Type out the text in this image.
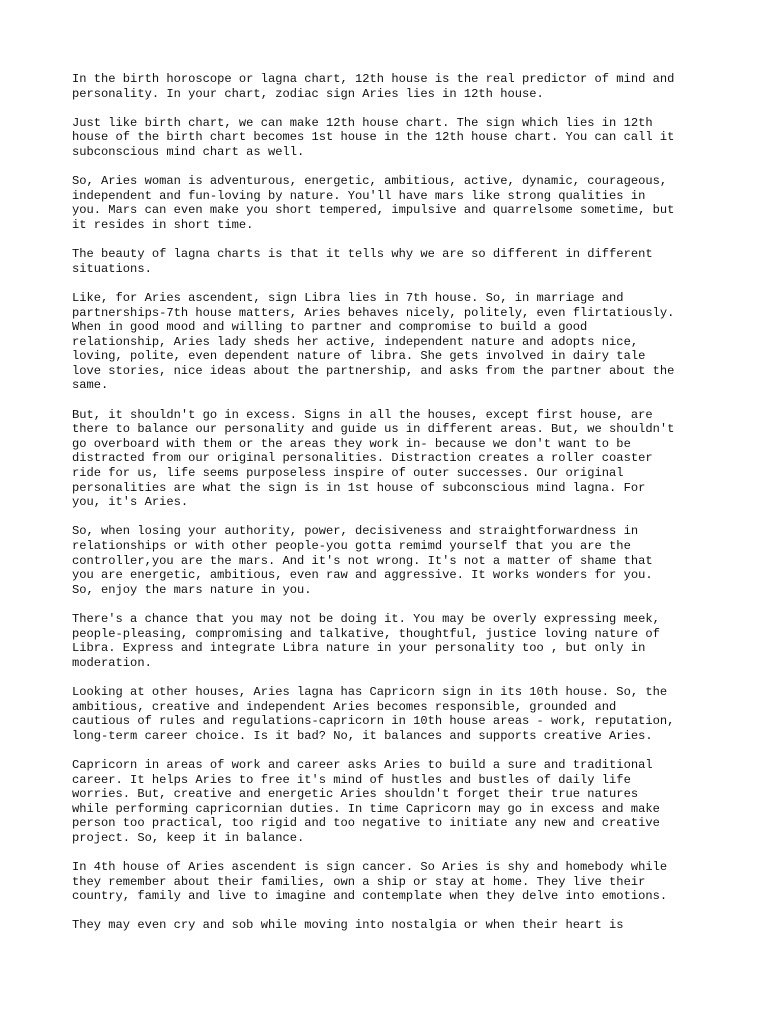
In the birth horoscope or lagna chart, 12th house is the real predictor of mind and
personality. In your chart, zodiac sign Aries lies in 12th house.

Just like birth chart, we can make 12th house chart. The sign which lies in 12th
house of the birth chart becomes 1st house in the 12th house chart. You can call it
subconscious mind chart as well.

So, Aries woman is adventurous, energetic, ambitious, active, dynamic, courageous,
independent and fun-loving by nature. You'll have mars like strong qualities in
you. Mars can even make you short tempered, impulsive and quarrelsome sometime, but
it resides in short time.

The beauty of lagna charts is that it tells why we are so different in different
situations.

Like, for Aries ascendent, sign Libra lies in 7th house. So, in marriage and
partnerships-7th house matters, Aries behaves nicely, politely, even flirtatiously.
When in good mood and willing to partner and compromise to build a good
relationship, Aries lady sheds her active, independent nature and adopts nice,
loving, polite, even dependent nature of libra. She gets involved in dairy tale
love stories, nice ideas about the partnership, and asks from the partner about the
same.

But, it shouldn't go in excess. Signs in all the houses, except first house, are
there to balance our personality and guide us in different areas. But, we shouldn't
go overboard with them or the areas they work in- because we don't want to be
distracted from our original personalities. Distraction creates a roller coaster
ride for us, life seems purposeless inspire of outer successes. Our original
personalities are what the sign is in 1st house of subconscious mind lagna. For
you, it's Aries.

So, when losing your authority, power, decisiveness and straightforwardness in
relationships or with other people-you gotta remimd yourself that you are the
controller,you are the mars. And it's not wrong. It's not a matter of shame that
you are energetic, ambitious, even raw and aggressive. It works wonders for you.
So, enjoy the mars nature in you.

There's a chance that you may not be doing it. You may be overly expressing meek,
people-pleasing, compromising and talkative, thoughtful, justice loving nature of
Libra. Express and integrate Libra nature in your personality too , but only in
moderation.

Looking at other houses, Aries lagna has Capricorn sign in its 10th house. So, the
ambitious, creative and independent Aries becomes responsible, grounded and
cautious of rules and regulations-capricorn in 10th house areas - work, reputation,
long-term career choice. Is it bad? No, it balances and supports creative Aries.

Capricorn in areas of work and career asks Aries to build a sure and traditional
career. It helps Aries to free it's mind of hustles and bustles of daily life
worries. But, creative and energetic Aries shouldn't forget their true natures
while performing capricornian duties. In time Capricorn may go in excess and make
person too practical, too rigid and too negative to initiate any new and creative
project. So, keep it in balance.

In 4th house of Aries ascendent is sign cancer. So Aries is shy and homebody while
they remember about their families, own a ship or stay at home. They live their
country, family and live to imagine and contemplate when they delve into emotions.

They may even cry and sob while moving into nostalgia or when their heart is
